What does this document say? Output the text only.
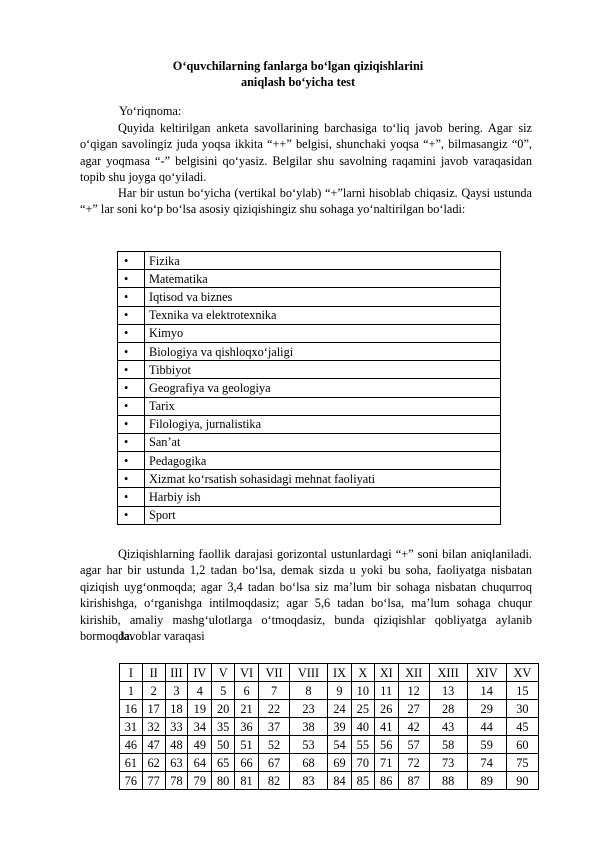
O‘quvchilarning fanlarga bo‘lgan qiziqishlarini
aniqlash bo‘yicha test
Yo‘riqnoma:

Quyida keltirilgan anketa savollarining barchasiga to‘liq javob bering. Agar siz o‘qigan savolingiz juda yoqsa ikkita “++” belgisi, shunchaki yoqsa “+”, bilmasangiz “0”, agar yoqmasa “-” belgisini qo‘yasiz. Belgilar shu savolning raqamini javob varaqasidan topib shu joyga qo‘yiladi.

Har bir ustun bo‘yicha (vertikal bo‘ylab) “+”larni hisoblab chiqasiz. Qaysi ustunda “+” lar soni ko‘p bo‘lsa asosiy qiziqishingiz shu sohaga yo‘naltirilgan bo‘ladi:

•	Fizika
•	Matematika
•	Iqtisod va biznes
•	Texnika va elektrotexnika
•	Kimyo
•	Biologiya va qishloqxo‘jaligi
•	Tibbiyot
•	Geografiya va geologiya
•	Tarix
•	Filologiya, jurnalistika
•	San’at
•	Pedagogika
•	Xizmat ko‘rsatish sohasidagi mehnat faoliyati
•	Harbiy ish
•	Sport

Qiziqishlarning faollik darajasi gorizontal ustunlardagi “+” soni bilan aniqlaniladi. agar har bir ustunda 1,2 tadan bo‘lsa, demak sizda u yoki bu soha, faoliyatga nisbatan qiziqish uyg‘onmoqda; agar 3,4 tadan bo‘lsa siz ma’lum bir sohaga nisbatan chuqurroq kirishishga, o‘rganishga intilmoqdasiz; agar 5,6 tadan bo‘lsa, ma’lum sohaga chuqur kirishib, amaliy mashg‘ulotlarga o‘tmoqdasiz, bunda qiziqishlar qobliyatga aylanib bormoqda.

Javoblar varaqasi
I	II	III	IV	V	VI	VII	VIII	IX	X	XI	XII	XIII	XIV	XV
1	2	3	4	5	6	7	8	9	10	11	12	13	14	15
16	17	18	19	20	21	22	23	24	25	26	27	28	29	30
31	32	33	34	35	36	37	38	39	40	41	42	43	44	45
46	47	48	49	50	51	52	53	54	55	56	57	58	59	60
61	62	63	64	65	66	67	68	69	70	71	72	73	74	75
76	77	78	79	80	81	82	83	84	85	86	87	88	89	90
